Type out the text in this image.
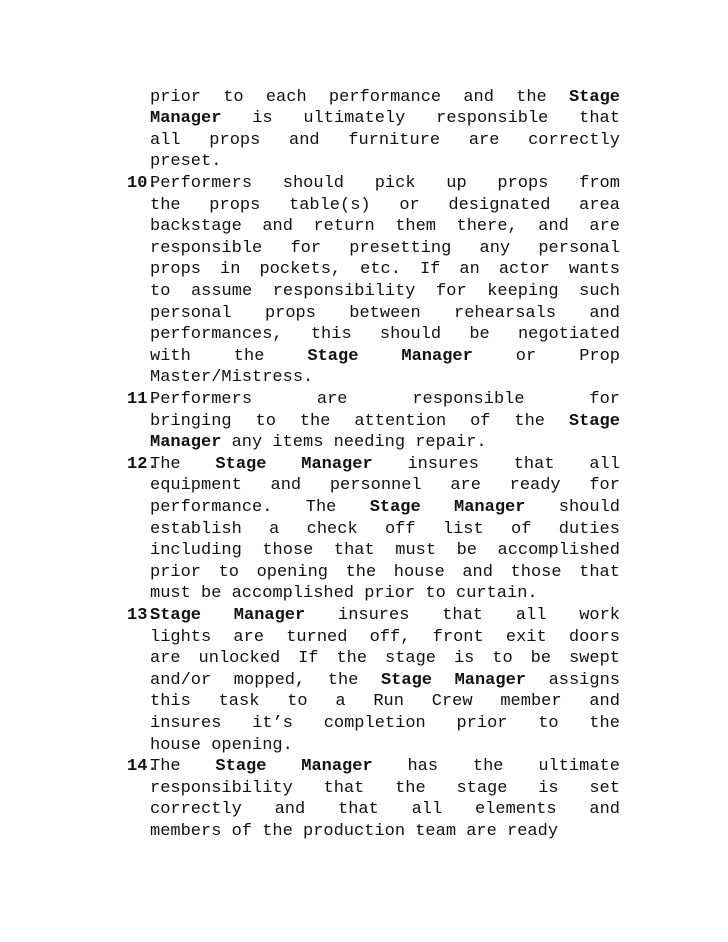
prior to each performance and the Stage
Manager is ultimately responsible that
all props and furniture are correctly
preset.
10.
Performers should pick up props from
the props table(s) or designated area
backstage and return them there, and are
responsible for presetting any personal
props in pockets, etc. If an actor wants
to assume responsibility for keeping such
personal props between rehearsals and
performances, this should be negotiated
with	the	Stage	Manager	or	Prop
Master/Mistress.
11.
Performers	are	responsible	for
bringing to the attention of the Stage
Manager any items needing repair.
12.
The Stage Manager insures that all
equipment and personnel are ready for
performance. The Stage Manager should
establish a check off list of duties
including those that must be accomplished
prior to opening the house and those that
must be accomplished prior to curtain.
13.
Stage Manager insures that all work
lights are turned off, front exit doors
are unlocked If the stage is to be swept
and/or mopped, the Stage Manager assigns
this task to a Run Crew member and
insures it’s completion prior to the
house opening.
14.
The Stage Manager has the ultimate
responsibility that the stage is set
correctly and that all elements and
members of the production team are ready
